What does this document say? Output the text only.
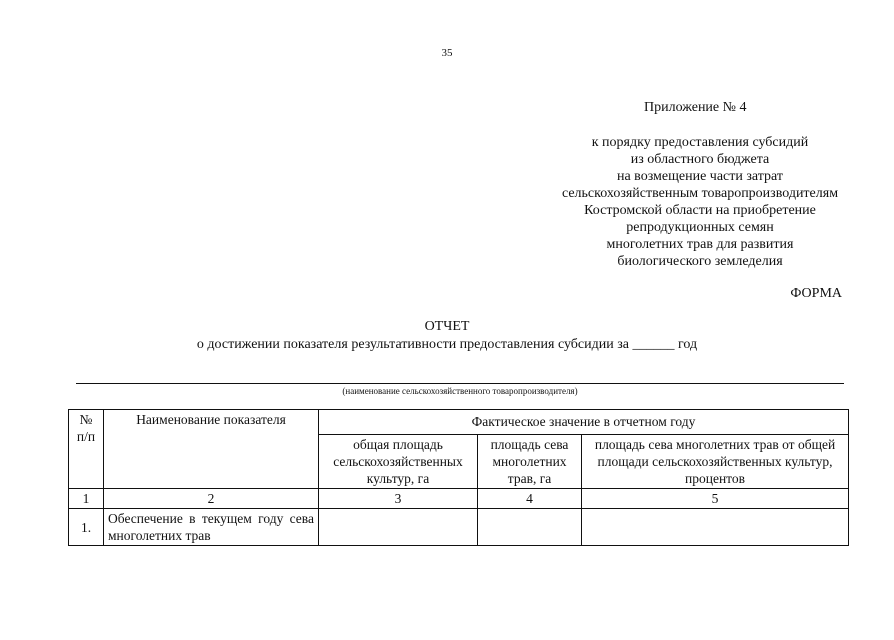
35
Приложение № 4
к порядку предоставления субсидий
из областного бюджета
на возмещение части затрат
сельскохозяйственным товаропроизводителям
Костромской области на приобретение
репродукционных семян
многолетних трав для развития
биологического земледелия
ФОРМА
ОТЧЕТ
о достижении показателя результативности предоставления субсидии за ______ год
(наименование сельскохозяйственного товаропроизводителя)
№ п/п	Наименование показателя	Фактическое значение в отчетном году		
		общая площадь сельскохозяйственных культур, га	площадь сева многолетних трав, га	площадь сева многолетних трав от общей площади сельскохозяйственных культур, процентов
1	2	3	4	5
1.	Обеспечение в текущем году сева многолетних трав			
